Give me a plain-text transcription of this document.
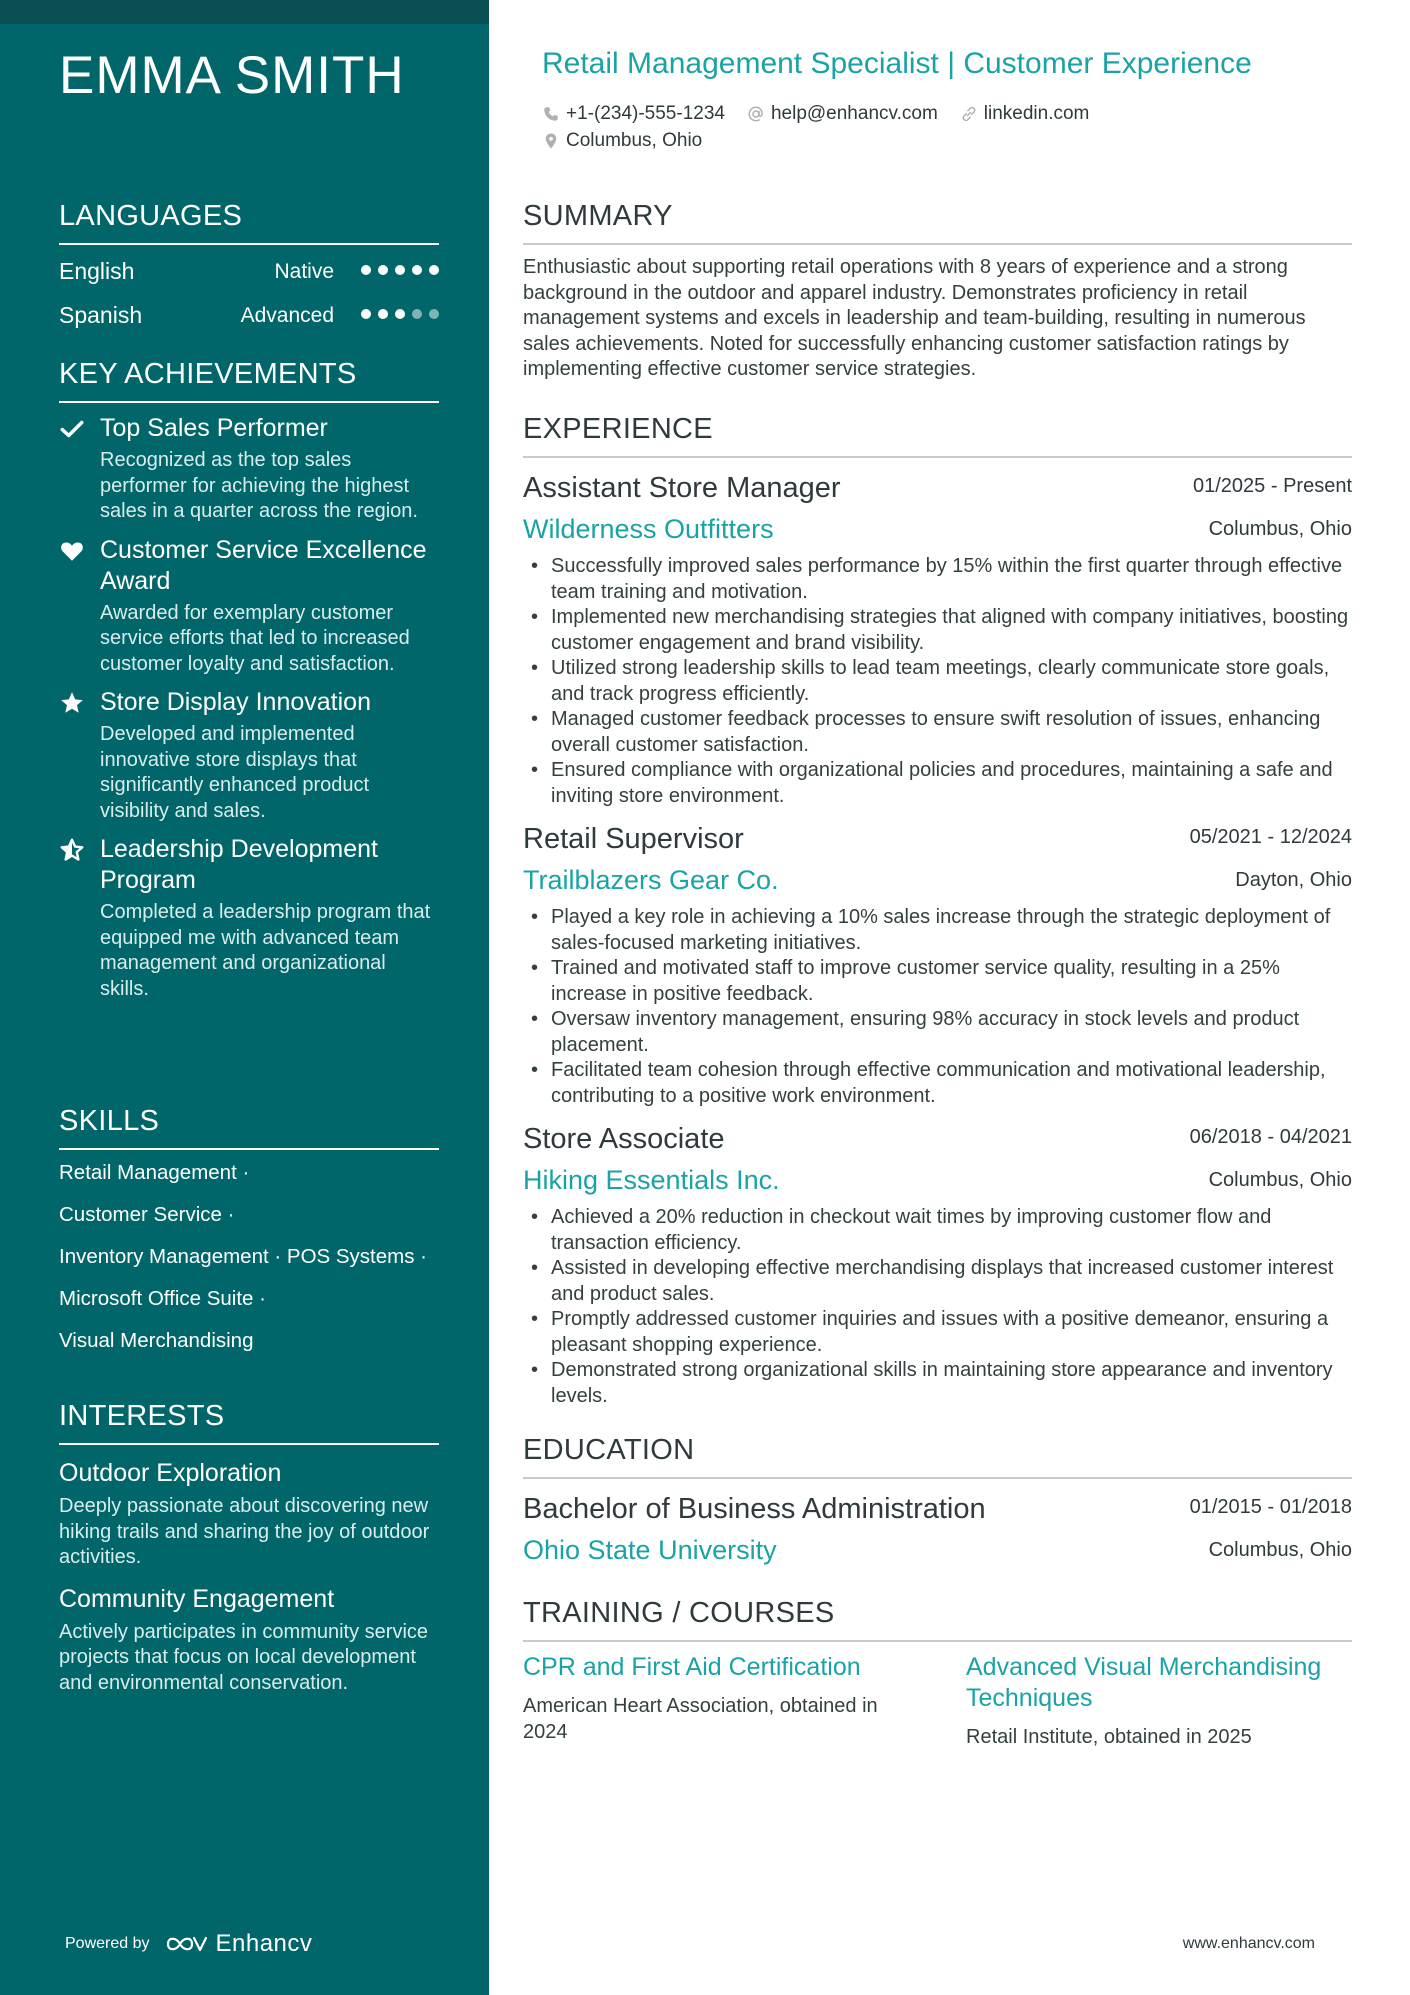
EMMA SMITH
LANGUAGES
English	Native
Spanish	Advanced
KEY ACHIEVEMENTS
Top Sales Performer
Recognized as the top sales performer for achieving the highest sales in a quarter across the region.
Customer Service Excellence Award
Awarded for exemplary customer service efforts that led to increased customer loyalty and satisfaction.
Store Display Innovation
Developed and implemented innovative store displays that significantly enhanced product visibility and sales.
Leadership Development Program
Completed a leadership program that equipped me with advanced team management and organizational skills.
SKILLS
Retail Management ·
Customer Service ·
Inventory Management · POS Systems ·
Microsoft Office Suite ·
Visual Merchandising
INTERESTS
Outdoor Exploration
Deeply passionate about discovering new hiking trails and sharing the joy of outdoor activities.
Community Engagement
Actively participates in community service projects that focus on local development and environmental conservation.
Powered by	Enhancv
Retail Management Specialist | Customer Experience
+1-(234)-555-1234 help@enhancv.com linkedin.com
Columbus, Ohio
SUMMARY
Enthusiastic about supporting retail operations with 8 years of experience and a strong background in the outdoor and apparel industry. Demonstrates proficiency in retail management systems and excels in leadership and team-building, resulting in numerous sales achievements. Noted for successfully enhancing customer satisfaction ratings by implementing effective customer service strategies.
EXPERIENCE
Assistant Store Manager	01/2025 - Present
Wilderness Outfitters	Columbus, Ohio
• Successfully improved sales performance by 15% within the first quarter through effective team training and motivation.
• Implemented new merchandising strategies that aligned with company initiatives, boosting customer engagement and brand visibility.
• Utilized strong leadership skills to lead team meetings, clearly communicate store goals, and track progress efficiently.
• Managed customer feedback processes to ensure swift resolution of issues, enhancing overall customer satisfaction.
• Ensured compliance with organizational policies and procedures, maintaining a safe and inviting store environment.
Retail Supervisor	05/2021 - 12/2024
Trailblazers Gear Co.	Dayton, Ohio
• Played a key role in achieving a 10% sales increase through the strategic deployment of sales-focused marketing initiatives.
• Trained and motivated staff to improve customer service quality, resulting in a 25% increase in positive feedback.
• Oversaw inventory management, ensuring 98% accuracy in stock levels and product placement.
• Facilitated team cohesion through effective communication and motivational leadership, contributing to a positive work environment.
Store Associate	06/2018 - 04/2021
Hiking Essentials Inc.	Columbus, Ohio
• Achieved a 20% reduction in checkout wait times by improving customer flow and transaction efficiency.
• Assisted in developing effective merchandising displays that increased customer interest and product sales.
• Promptly addressed customer inquiries and issues with a positive demeanor, ensuring a pleasant shopping experience.
• Demonstrated strong organizational skills in maintaining store appearance and inventory levels.
EDUCATION
Bachelor of Business Administration	01/2015 - 01/2018
Ohio State University	Columbus, Ohio
TRAINING / COURSES
CPR and First Aid Certification
American Heart Association, obtained in 2024
Advanced Visual Merchandising Techniques
Retail Institute, obtained in 2025
www.enhancv.com
